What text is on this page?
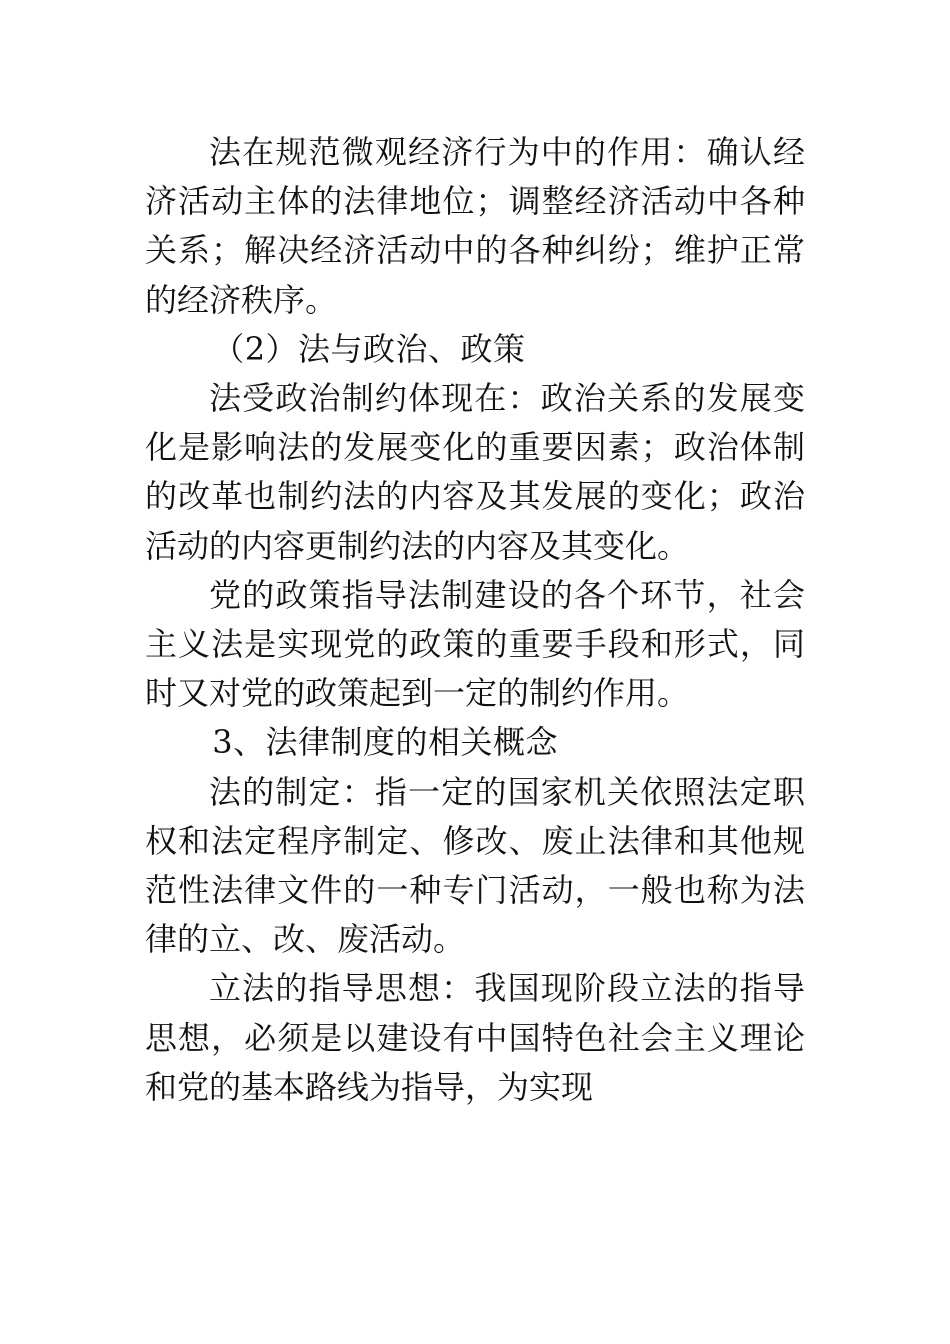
法在规范微观经济行为中的作用：确认经济活动主体的法律地位；调整经济活动中各种关系；解决经济活动中的各种纠纷；维护正常的经济秩序。

（2）法与政治、政策

法受政治制约体现在：政治关系的发展变化是影响法的发展变化的重要因素；政治体制的改革也制约法的内容及其发展的变化；政治活动的内容更制约法的内容及其变化。

党的政策指导法制建设的各个环节，社会主义法是实现党的政策的重要手段和形式，同时又对党的政策起到一定的制约作用。

3、法律制度的相关概念

法的制定：指一定的国家机关依照法定职权和法定程序制定、修改、废止法律和其他规范性法律文件的一种专门活动，一般也称为法律的立、改、废活动。

立法的指导思想：我国现阶段立法的指导思想，必须是以建设有中国特色社会主义理论和党的基本路线为指导，为实现
